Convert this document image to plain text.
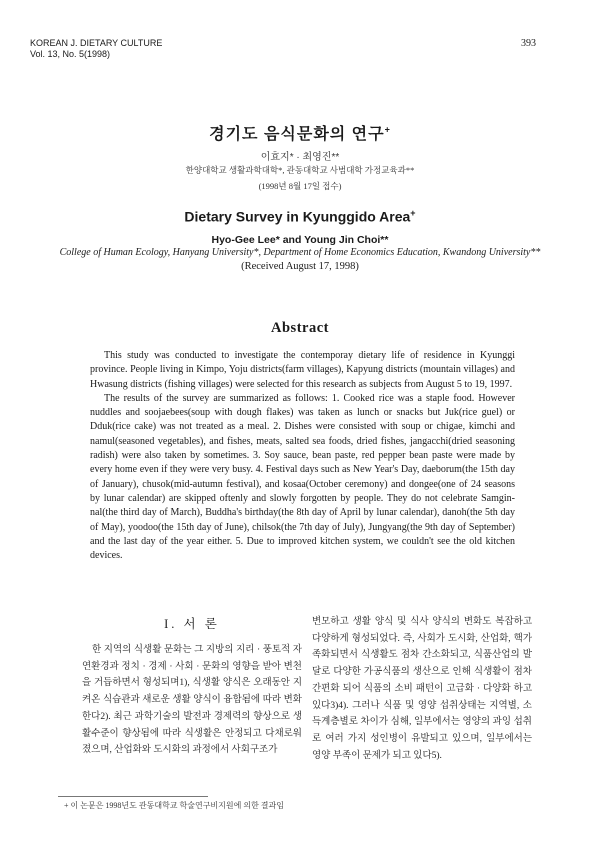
KOREAN J. DIETARY CULTURE
Vol. 13, No. 5(1998)
393
경기도 음식문화의 연구+
이효지* · 최영진**
한양대학교 생활과학대학*, 관동대학교 사범대학 가정교육과**
(1998년 8월 17일 접수)
Dietary Survey in Kyunggido Area+
Hyo-Gee Lee* and Young Jin Choi**
College of Human Ecology, Hanyang University*, Department of Home Economics Education, Kwandong University**
(Received August 17, 1998)
Abstract

This study was conducted to investigate the contemporay dietary life of residence in Kyunggi province. People living in Kimpo, Yoju districts(farm villages), Kapyung districts (mountain villages) and Hwasung districts (fishing villages) were selected for this research as subjects from August 5 to 19, 1997.

The results of the survey are summarized as follows: 1. Cooked rice was a staple food. However nuddles and soojaebees(soup with dough flakes) was taken as lunch or snacks but Juk(rice guel) or Dduk(rice cake) was not treated as a meal. 2. Dishes were consisted with soup or chigae, kimchi and namul(seasoned vegetables), and fishes, meats, salted sea foods, dried fishes, jangacchi(dried seasoning radish) were also taken by sometimes. 3. Soy sauce, bean paste, red pepper bean paste were made by every home even if they were very busy. 4. Festival days such as New Year's Day, daeborum(the 15th day of January), chusok(mid-autumn festival), and kosaa(October ceremony) and dongee(one of 24 seasons by lunar calendar) are skipped oftenly and slowly forgotten by people. They do not celebrate Samgin-nal(the third day of March), Buddha's birthday(the 8th day of April by lunar calendar), danoh(the 5th day of May), yoodoo(the 15th day of June), chilsok(the 7th day of July), Jungyang(the 9th day of September) and the last day of the year either. 5. Due to improved kitchen system, we couldn't see the old kitchen devices.

I. 서 론

한 지역의 식생활 문화는 그 지방의 지리 · 풍토적 자연환경과 정치 · 경제 · 사회 · 문화의 영향을 받아 변천을 거듭하면서 형성되며1), 식생활 양식은 오래동안 지켜온 식습관과 새로운 생활 양식이 융합됨에 따라 변화한다2). 최근 과학기술의 발전과 경제력의 향상으로 생활수준이 향상됨에 따라 식생활은 안정되고 다채로워 졌으며, 산업화와 도시화의 과정에서 사회구조가

변모하고 생활 양식 및 식사 양식의 변화도 복잡하고 다양하게 형성되었다. 즉, 사회가 도시화, 산업화, 핵가족화되면서 식생활도 점차 간소화되고, 식품산업의 발달로 다양한 가공식품의 생산으로 인해 식생활이 점차 간편화 되어 식품의 소비 패턴이 고급화 · 다양화 하고 있다3)4). 그러나 식품 및 영양 섭취상태는 지역별, 소득계층별로 차이가 심해, 일부에서는 영양의 과잉 섭취로 여러 가지 성인병이 유발되고 있으며, 일부에서는 영양 부족이 문제가 되고 있다5).

+ 이 논문은 1998년도 관동대학교 학술연구비지원에 의한 결과임
